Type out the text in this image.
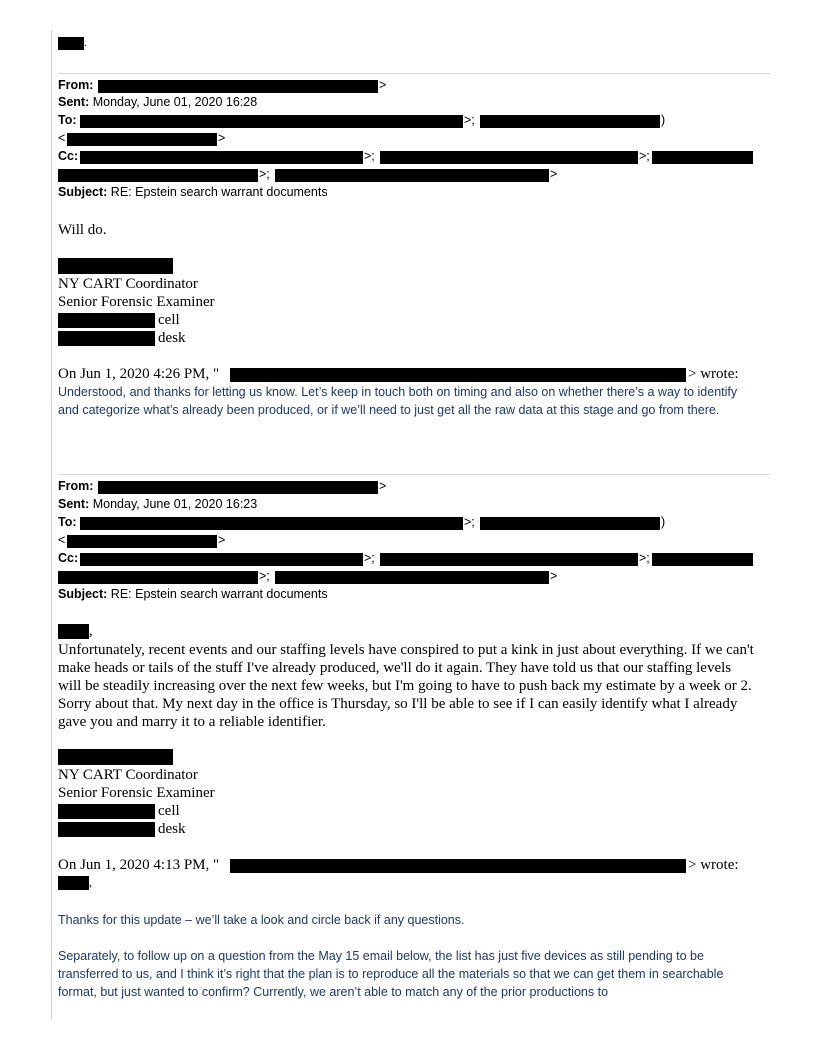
.
From:	>
Sent: Monday, June 01, 2020 16:28
To:	>;	)
<	>
Cc:	>;	>;
>;	>
Subject: RE: Epstein search warrant documents
Will do.
NY CART Coordinator
Senior Forensic Examiner
cell
desk
On Jun 1, 2020 4:26 PM, "	> wrote:
Understood, and thanks for letting us know. Let’s keep in touch both on timing and also on whether there’s a way to identify and categorize what’s already been produced, or if we’ll need to just get all the raw data at this stage and go from there.
From:	>
Sent: Monday, June 01, 2020 16:23
To:	>;	)
<	>
Cc:	>;	>;
>;	>
Subject: RE: Epstein search warrant documents
,
Unfortunately, recent events and our staffing levels have conspired to put a kink in just about everything. If we can't make heads or tails of the stuff I've already produced, we'll do it again. They have told us that our staffing levels will be steadily increasing over the next few weeks, but I'm going to have to push back my estimate by a week or 2. Sorry about that. My next day in the office is Thursday, so I'll be able to see if I can easily identify what I already gave you and marry it to a reliable identifier.
NY CART Coordinator
Senior Forensic Examiner
cell
desk
On Jun 1, 2020 4:13 PM, "	> wrote:
,
Thanks for this update – we’ll take a look and circle back if any questions.
Separately, to follow up on a question from the May 15 email below, the list has just five devices as still pending to be transferred to us, and I think it’s right that the plan is to reproduce all the materials so that we can get them in searchable format, but just wanted to confirm? Currently, we aren’t able to match any of the prior productions to
